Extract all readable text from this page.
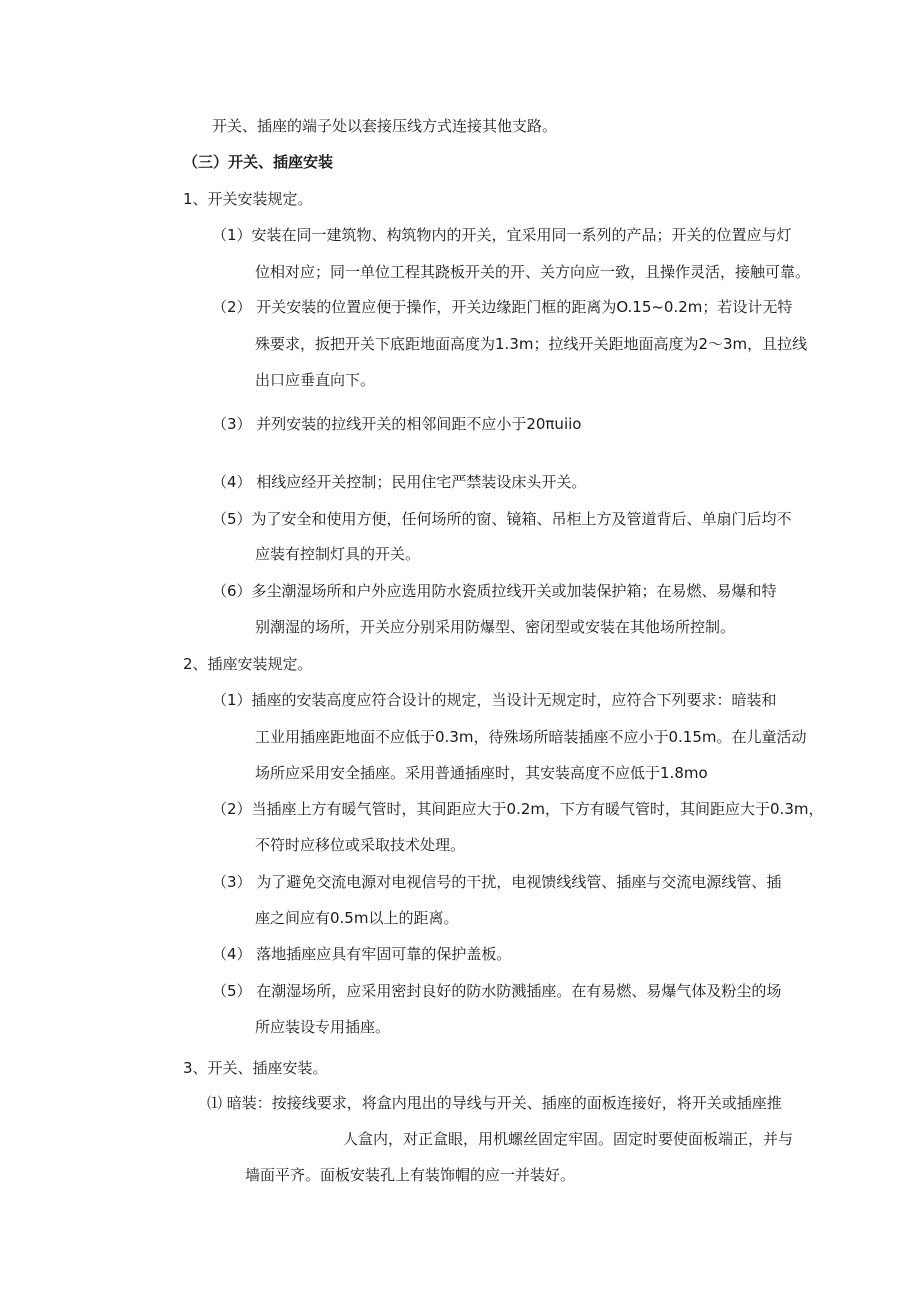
开关、插座的端子处以套接压线方式连接其他支路。
（三）开关、插座安装
1、开关安装规定。
（1）安装在同一建筑物、构筑物内的开关，宜采用同一系列的产品；开关的位置应与灯
位相对应；同一单位工程其跷板开关的开、关方向应一致，且操作灵活，接触可靠。
（2） 开关安装的位置应便于操作，开关边缘距门框的距离为O.15~0.2m；若设计无特
殊要求，扳把开关下底距地面高度为1.3m；拉线开关距地面高度为2～3m，且拉线
出口应垂直向下。
（3） 并列安装的拉线开关的相邻间距不应小于20πuiio
（4） 相线应经开关控制；民用住宅严禁装设床头开关。
（5）为了安全和使用方便，任何场所的窗、镜箱、吊柜上方及管道背后、单扇门后均不
应装有控制灯具的开关。
（6）多尘潮湿场所和户外应选用防水瓷质拉线开关或加装保护箱；在易燃、易爆和特
别潮湿的场所，开关应分别采用防爆型、密闭型或安装在其他场所控制。
2、插座安装规定。
（1）插座的安装高度应符合设计的规定，当设计无规定时，应符合下列要求：暗装和
工业用插座距地面不应低于0.3m，待殊场所暗装插座不应小于0.15m。在儿童活动
场所应采用安全插座。采用普通插座时，其安装高度不应低于1.8mo
（2）当插座上方有暖气管时，其间距应大于0.2m，下方有暖气管时，其间距应大于0.3m，
不符时应移位或采取技术处理。
（3） 为了避免交流电源对电视信号的干扰，电视馈线线管、插座与交流电源线管、插
座之间应有0.5m以上的距离。
（4） 落地插座应具有牢固可靠的保护盖板。
（5） 在潮湿场所，应采用密封良好的防水防溅插座。在有易燃、易爆气体及粉尘的场
所应装设专用插座。
3、开关、插座安装。
⑴ 暗装：按接线要求，将盒内甩出的导线与开关、插座的面板连接好，将开关或插座推
人盒内，对正盒眼，用机螺丝固定牢固。固定时要使面板端正，并与
墙面平齐。面板安装孔上有装饰帽的应一并装好。
